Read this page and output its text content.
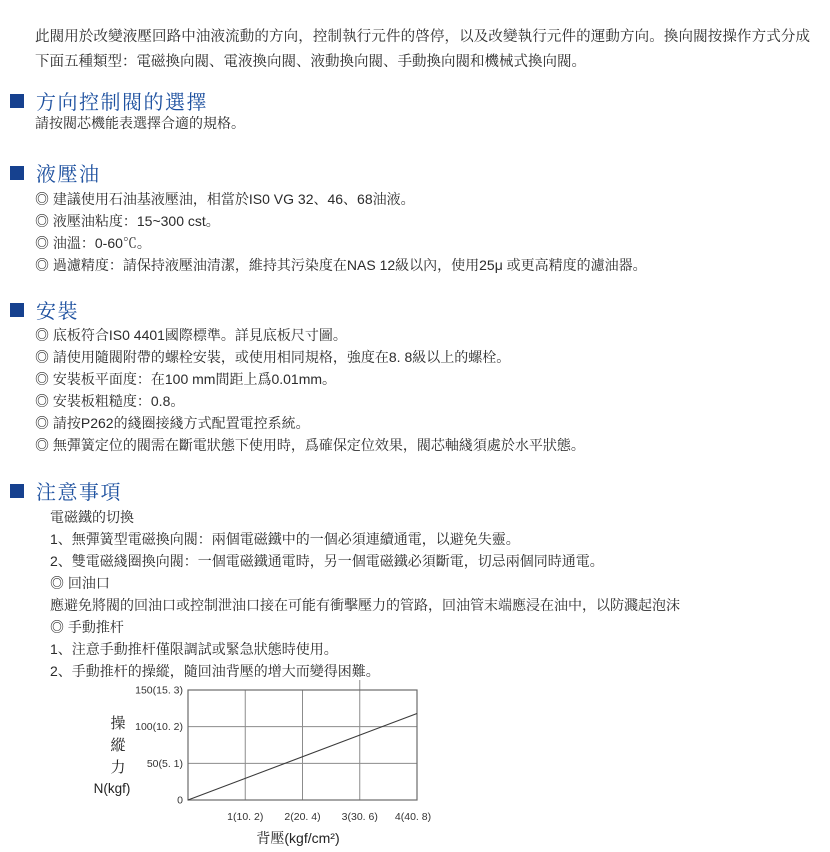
此閥用於改變液壓回路中油液流動的方向，控制執行元件的啓停，以及改變執行元件的運動方向。換向閥按操作方式分成下面五種類型：電磁換向閥、電液換向閥、液動換向閥、手動換向閥和機械式換向閥。

方向控制閥的選擇
請按閥芯機能表選擇合適的規格。
液壓油
◎ 建議使用石油基液壓油，相當於IS0 VG 32、46、68油液。
◎ 液壓油粘度：15~300 cst。
◎ 油溫：0-60℃。
◎ 過濾精度：請保持液壓油清潔，維持其污染度在NAS 12級以內，使用25μ 或更高精度的濾油器。
安裝
◎ 底板符合IS0 4401國際標準。詳見底板尺寸圖。
◎ 請使用隨閥附帶的螺栓安裝，或使用相同規格，強度在8. 8級以上的螺栓。
◎ 安裝板平面度：在100 mm間距上爲0.01mm。
◎ 安裝板粗糙度：0.8。
◎ 請按P262的綫圈接綫方式配置電控系統。
◎ 無彈簧定位的閥需在斷電狀態下使用時，爲確保定位效果，閥芯軸綫須處於水平狀態。
注意事項
電磁鐵的切換
1、無彈簧型電磁換向閥：兩個電磁鐵中的一個必須連續通電，以避免失靈。
2、雙電磁綫圈換向閥：一個電磁鐵通電時，另一個電磁鐵必須斷電，切忌兩個同時通電。
◎ 回油口
應避免將閥的回油口或控制泄油口接在可能有衝擊壓力的管路，回油管末端應浸在油中，以防濺起泡沫
◎ 手動推杆
1、注意手動推杆僅限調試或緊急狀態時使用。
2、手動推杆的操縱，隨回油背壓的增大而變得困難。
150(15. 3)
100(10. 2)
50(5. 1)
0
1(10. 2) 2(20. 4) 3(30. 6) 4(40. 8)
操
縱
力
N(kgf)
背壓(kgf/cm²)
